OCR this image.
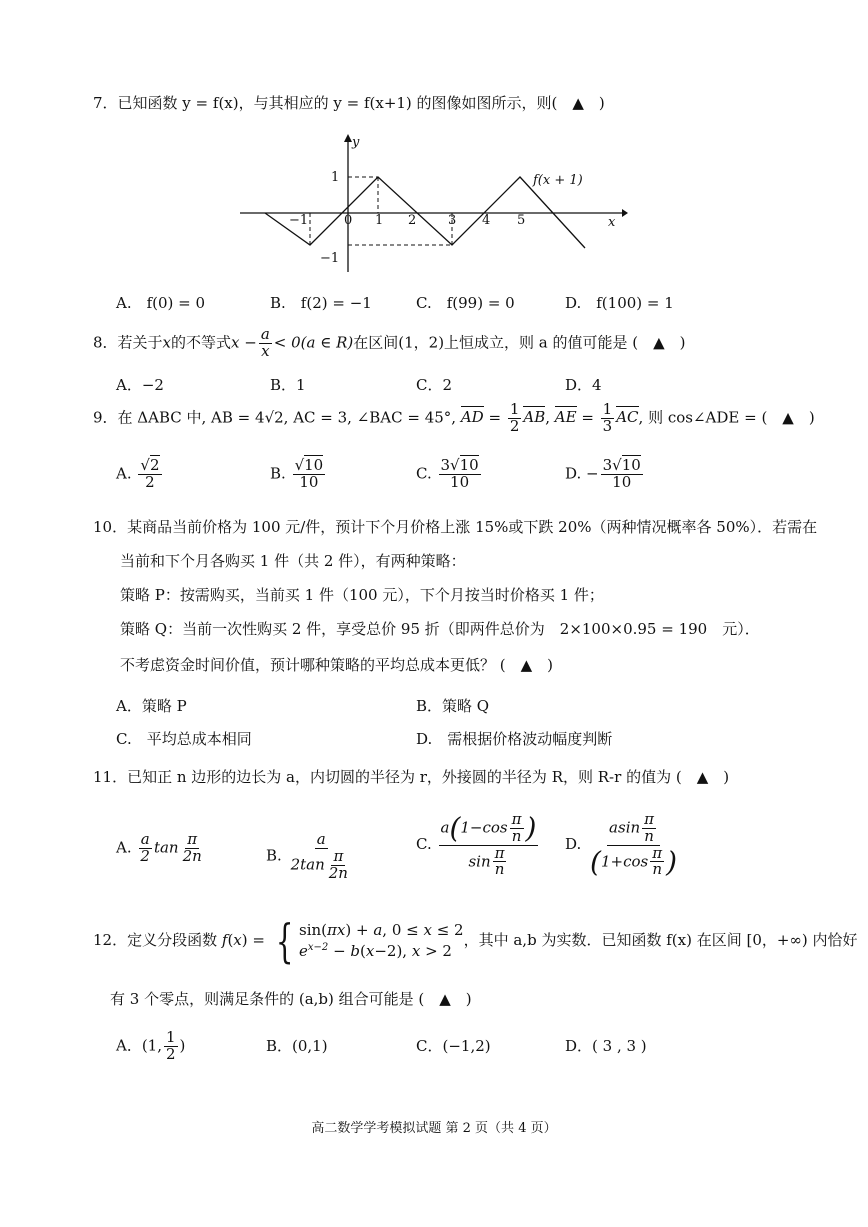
7．已知函数 y = f(x)，与其相应的 y = f(x+1) 的图像如图所示，则(　▲　)
y
x
f(x + 1)
0
−1	1 2 3 4 5
1
−1
A.　f(0) = 0	B.　f(2) = −1	C.　f(99) = 0	D.　f(100) = 1
8．若关于x的不等式$x - \frac{a}{x} < 0(a$ ∈ R)在区间(1，2)上恒成立，则 a 的值可能是 (　▲　)
A．−2	B．1	C．2	D．4
9．在 ΔABC 中, AB = 4√2, AC = 3, ∠BAC = 45°, AD = $\frac{1}{2}$ AB, AE = $\frac{1}{3}$ AC, 则 cos∠ADE = (　▲　)
A. $\frac{√2}{2}$	B. $\frac{√10}{10}$	C. $\frac{3√10}{10}$	D. − $\frac{3√10}{10}$
10．某商品当前价格为 100 元/件，预计下个月价格上涨 15%或下跌 20%（两种情况概率各 50%）．若需在
当前和下个月各购买 1 件（共 2 件），有两种策略：
策略 P：按需购买，当前买 1 件（100 元），下个月按当时价格买 1 件；
策略 Q：当前一次性购买 2 件，享受总价 95 折（即两件总价为　2×100×0.95 = 190　元）．
不考虑资金时间价值，预计哪种策略的平均总成本更低？ (　▲　)
A．策略 P	B．策略 Q
C.　平均总成本相同	D.　需根据价格波动幅度判断
11．已知正 n 边形的边长为 a，内切圆的半径为 r，外接圆的半径为 R，则 R-r 的值为 (　▲　)
A. $\frac{a}{2}$ $\tan \frac{\pi}{2n}$	B. $\frac{a}{2\tan \frac{\pi}{2n}}$	C. $\frac{a(1-\cos \frac{\pi}{n} )}{\sin \frac{\pi}{n}} D$. $\frac{asin \frac{\pi}{n}}{(1+\cos \frac{\pi}{n} )}$
12．定义分段函数 f(x) = { sin(πx) + a, 0 ≤ x ≤ 2
$e^{x-2} - b(x-2)$, x > 2
，其中 a,b 为实数．已知函数 f(x) 在区间 [0，+∞) 内恰好
有 3 个零点，则满足条件的 (a,b) 组合可能是 (　▲　)
A．(1, $\frac{1}{2}$ )	B．(0,1)	C．(−1,2)	D．( 3 , 3 )
高二数学学考模拟试题 第 2 页（共 4 页）
